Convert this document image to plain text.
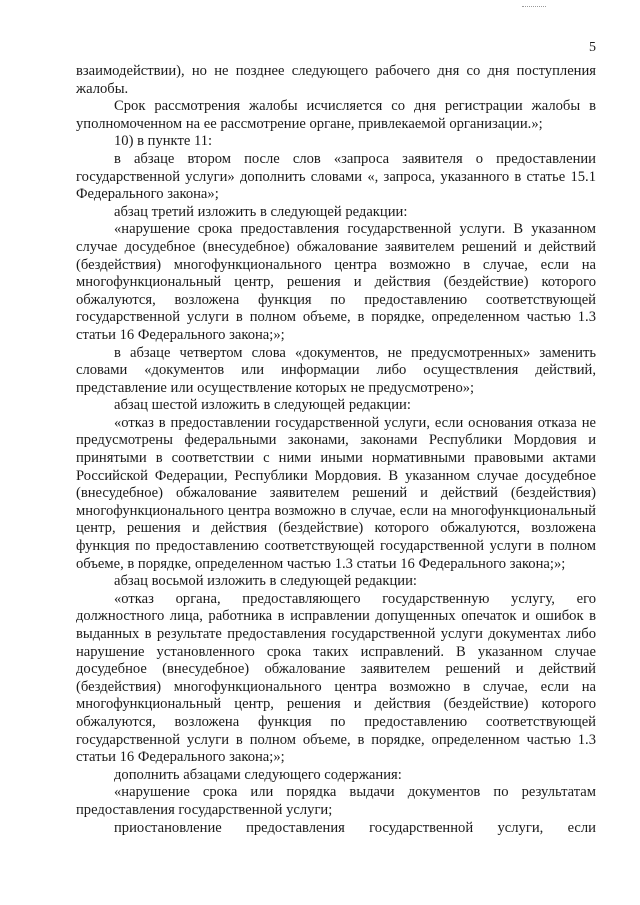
5

взаимодействии), но не позднее следующего рабочего дня со дня поступления жалобы.

Срок рассмотрения жалобы исчисляется со дня регистрации жалобы в уполномоченном на ее рассмотрение органе, привлекаемой организации.»;

10) в пункте 11:

в абзаце втором после слов «запроса заявителя о предоставлении государственной услуги» дополнить словами «, запроса, указанного в статье 15.1 Федерального закона»;

абзац третий изложить в следующей редакции:

«нарушение срока предоставления государственной услуги. В указанном случае досудебное (внесудебное) обжалование заявителем решений и действий (бездействия) многофункционального центра возможно в случае, если на многофункциональный центр, решения и действия (бездействие) которого обжалуются, возложена функция по предоставлению соответствующей государственной услуги в полном объеме, в порядке, определенном частью 1.3 статьи 16 Федерального закона;»;

в абзаце четвертом слова «документов, не предусмотренных» заменить словами «документов или информации либо осуществления действий, представление или осуществление которых не предусмотрено»;

абзац шестой изложить в следующей редакции:

«отказ в предоставлении государственной услуги, если основания отказа не предусмотрены федеральными законами, законами Республики Мордовия и принятыми в соответствии с ними иными нормативными правовыми актами Российской Федерации, Республики Мордовия. В указанном случае досудебное (внесудебное) обжалование заявителем решений и действий (бездействия) многофункционального центра возможно в случае, если на многофункциональный центр, решения и действия (бездействие) которого обжалуются, возложена функция по предоставлению соответствующей государственной услуги в полном объеме, в порядке, определенном частью 1.3 статьи 16 Федерального закона;»;

абзац восьмой изложить в следующей редакции:

«отказ органа, предоставляющего государственную услугу, его должностного лица, работника в исправлении допущенных опечаток и ошибок в выданных в результате предоставления государственной услуги документах либо нарушение установленного срока таких исправлений. В указанном случае досудебное (внесудебное) обжалование заявителем решений и действий (бездействия) многофункционального центра возможно в случае, если на многофункциональный центр, решения и действия (бездействие) которого обжалуются, возложена функция по предоставлению соответствующей государственной услуги в полном объеме, в порядке, определенном частью 1.3 статьи 16 Федерального закона;»;

дополнить абзацами следующего содержания:

«нарушение срока или порядка выдачи документов по результатам предоставления государственной услуги;

приостановление предоставления государственной услуги, если
